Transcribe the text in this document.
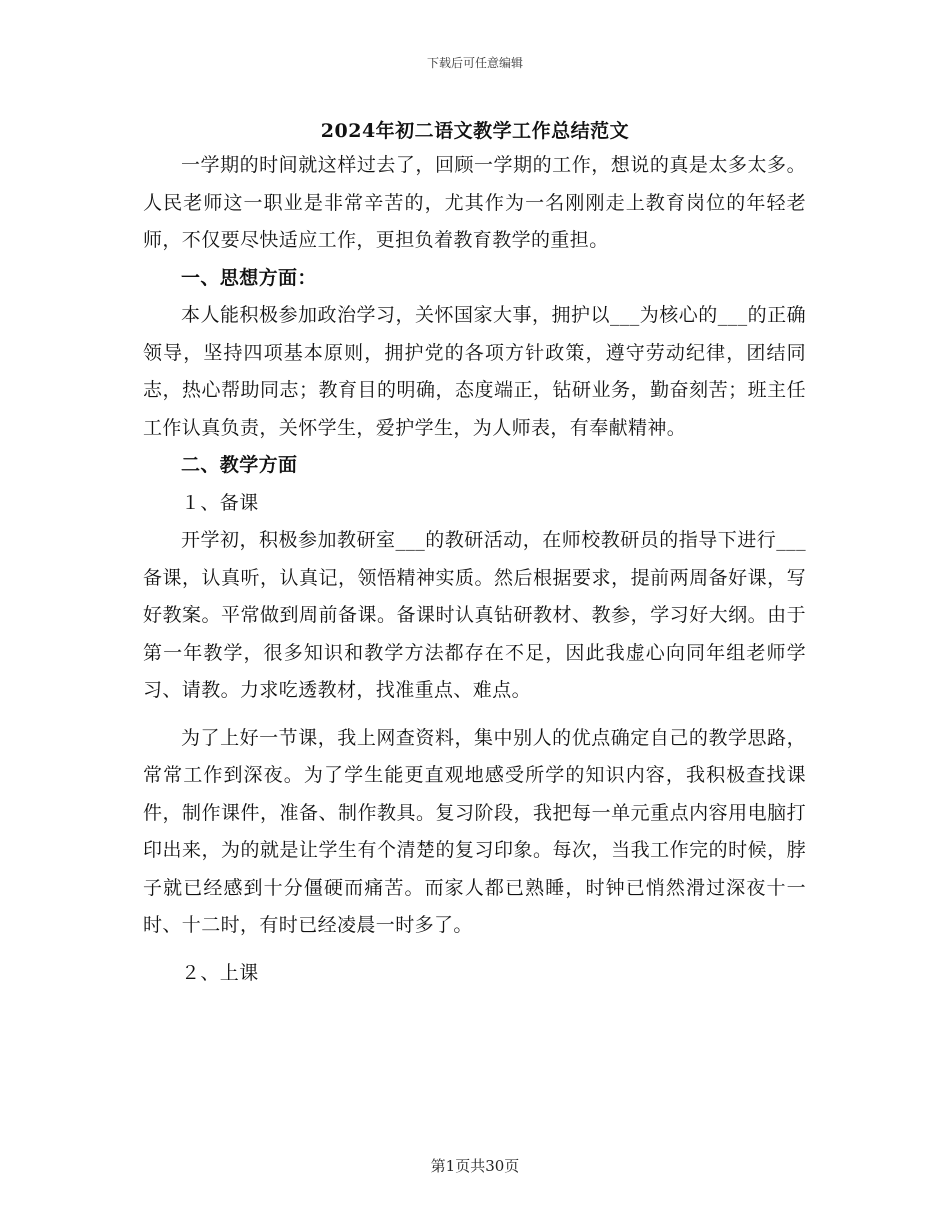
下载后可任意编辑
2024年初二语文教学工作总结范文

一学期的时间就这样过去了，回顾一学期的工作，想说的真是太多太多。人民老师这一职业是非常辛苦的，尤其作为一名刚刚走上教育岗位的年轻老师，不仅要尽快适应工作，更担负着教育教学的重担。

一、思想方面：

本人能积极参加政治学习，关怀国家大事，拥护以___为核心的___的正确领导，坚持四项基本原则，拥护党的各项方针政策，遵守劳动纪律，团结同志，热心帮助同志；教育目的明确，态度端正，钻研业务，勤奋刻苦；班主任工作认真负责，关怀学生，爱护学生，为人师表，有奉献精神。

二、教学方面

１、备课

开学初，积极参加教研室___的教研活动，在师校教研员的指导下进行___备课，认真听，认真记，领悟精神实质。然后根据要求，提前两周备好课，写好教案。平常做到周前备课。备课时认真钻研教材、教参，学习好大纲。由于第一年教学，很多知识和教学方法都存在不足，因此我虚心向同年组老师学习、请教。力求吃透教材，找准重点、难点。

为了上好一节课，我上网查资料，集中别人的优点确定自己的教学思路，常常工作到深夜。为了学生能更直观地感受所学的知识内容，我积极查找课件，制作课件，准备、制作教具。复习阶段，我把每一单元重点内容用电脑打印出来，为的就是让学生有个清楚的复习印象。每次，当我工作完的时候，脖子就已经感到十分僵硬而痛苦。而家人都已熟睡，时钟已悄然滑过深夜十一时、十二时，有时已经凌晨一时多了。

２、上课

第1页共30页
